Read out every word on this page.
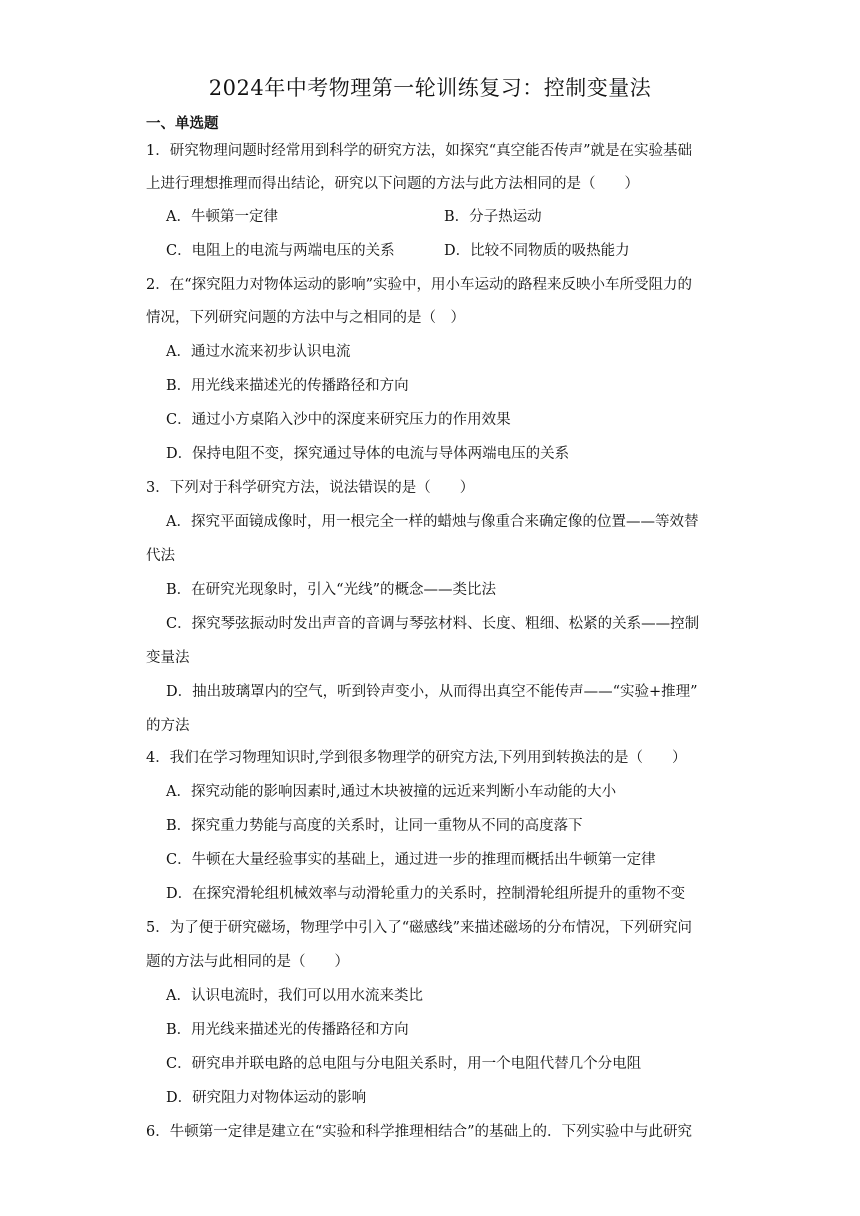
2024年中考物理第一轮训练复习：控制变量法
一、单选题
1．研究物理问题时经常用到科学的研究方法，如探究“真空能否传声”就是在实验基础
上进行理想推理而得出结论，研究以下问题的方法与此方法相同的是（　　）
A．牛顿第一定律	B．分子热运动
C．电阻上的电流与两端电压的关系	D．比较不同物质的吸热能力
2．在“探究阻力对物体运动的影响”实验中，用小车运动的路程来反映小车所受阻力的
情况，下列研究问题的方法中与之相同的是（　）
A．通过水流来初步认识电流
B．用光线来描述光的传播路径和方向
C．通过小方桌陷入沙中的深度来研究压力的作用效果
D．保持电阻不变，探究通过导体的电流与导体两端电压的关系
3．下列对于科学研究方法，说法错误的是（　　）
A．探究平面镜成像时，用一根完全一样的蜡烛与像重合来确定像的位置——等效替
代法
B．在研究光现象时，引入“光线”的概念——类比法
C．探究琴弦振动时发出声音的音调与琴弦材料、长度、粗细、松紧的关系——控制
变量法
D．抽出玻璃罩内的空气，听到铃声变小，从而得出真空不能传声——“实验+推理”
的方法
4．我们在学习物理知识时,学到很多物理学的研究方法,下列用到转换法的是（　　）
A．探究动能的影响因素时,通过木块被撞的远近来判断小车动能的大小
B．探究重力势能与高度的关系时，让同一重物从不同的高度落下
C．牛顿在大量经验事实的基础上，通过进一步的推理而概括出牛顿第一定律
D．在探究滑轮组机械效率与动滑轮重力的关系时，控制滑轮组所提升的重物不变
5．为了便于研究磁场，物理学中引入了“磁感线”来描述磁场的分布情况，下列研究问
题的方法与此相同的是（　　）
A．认识电流时，我们可以用水流来类比
B．用光线来描述光的传播路径和方向
C．研究串并联电路的总电阻与分电阻关系时，用一个电阻代替几个分电阻
D．研究阻力对物体运动的影响
6．牛顿第一定律是建立在“实验和科学推理相结合”的基础上的．下列实验中与此研究
